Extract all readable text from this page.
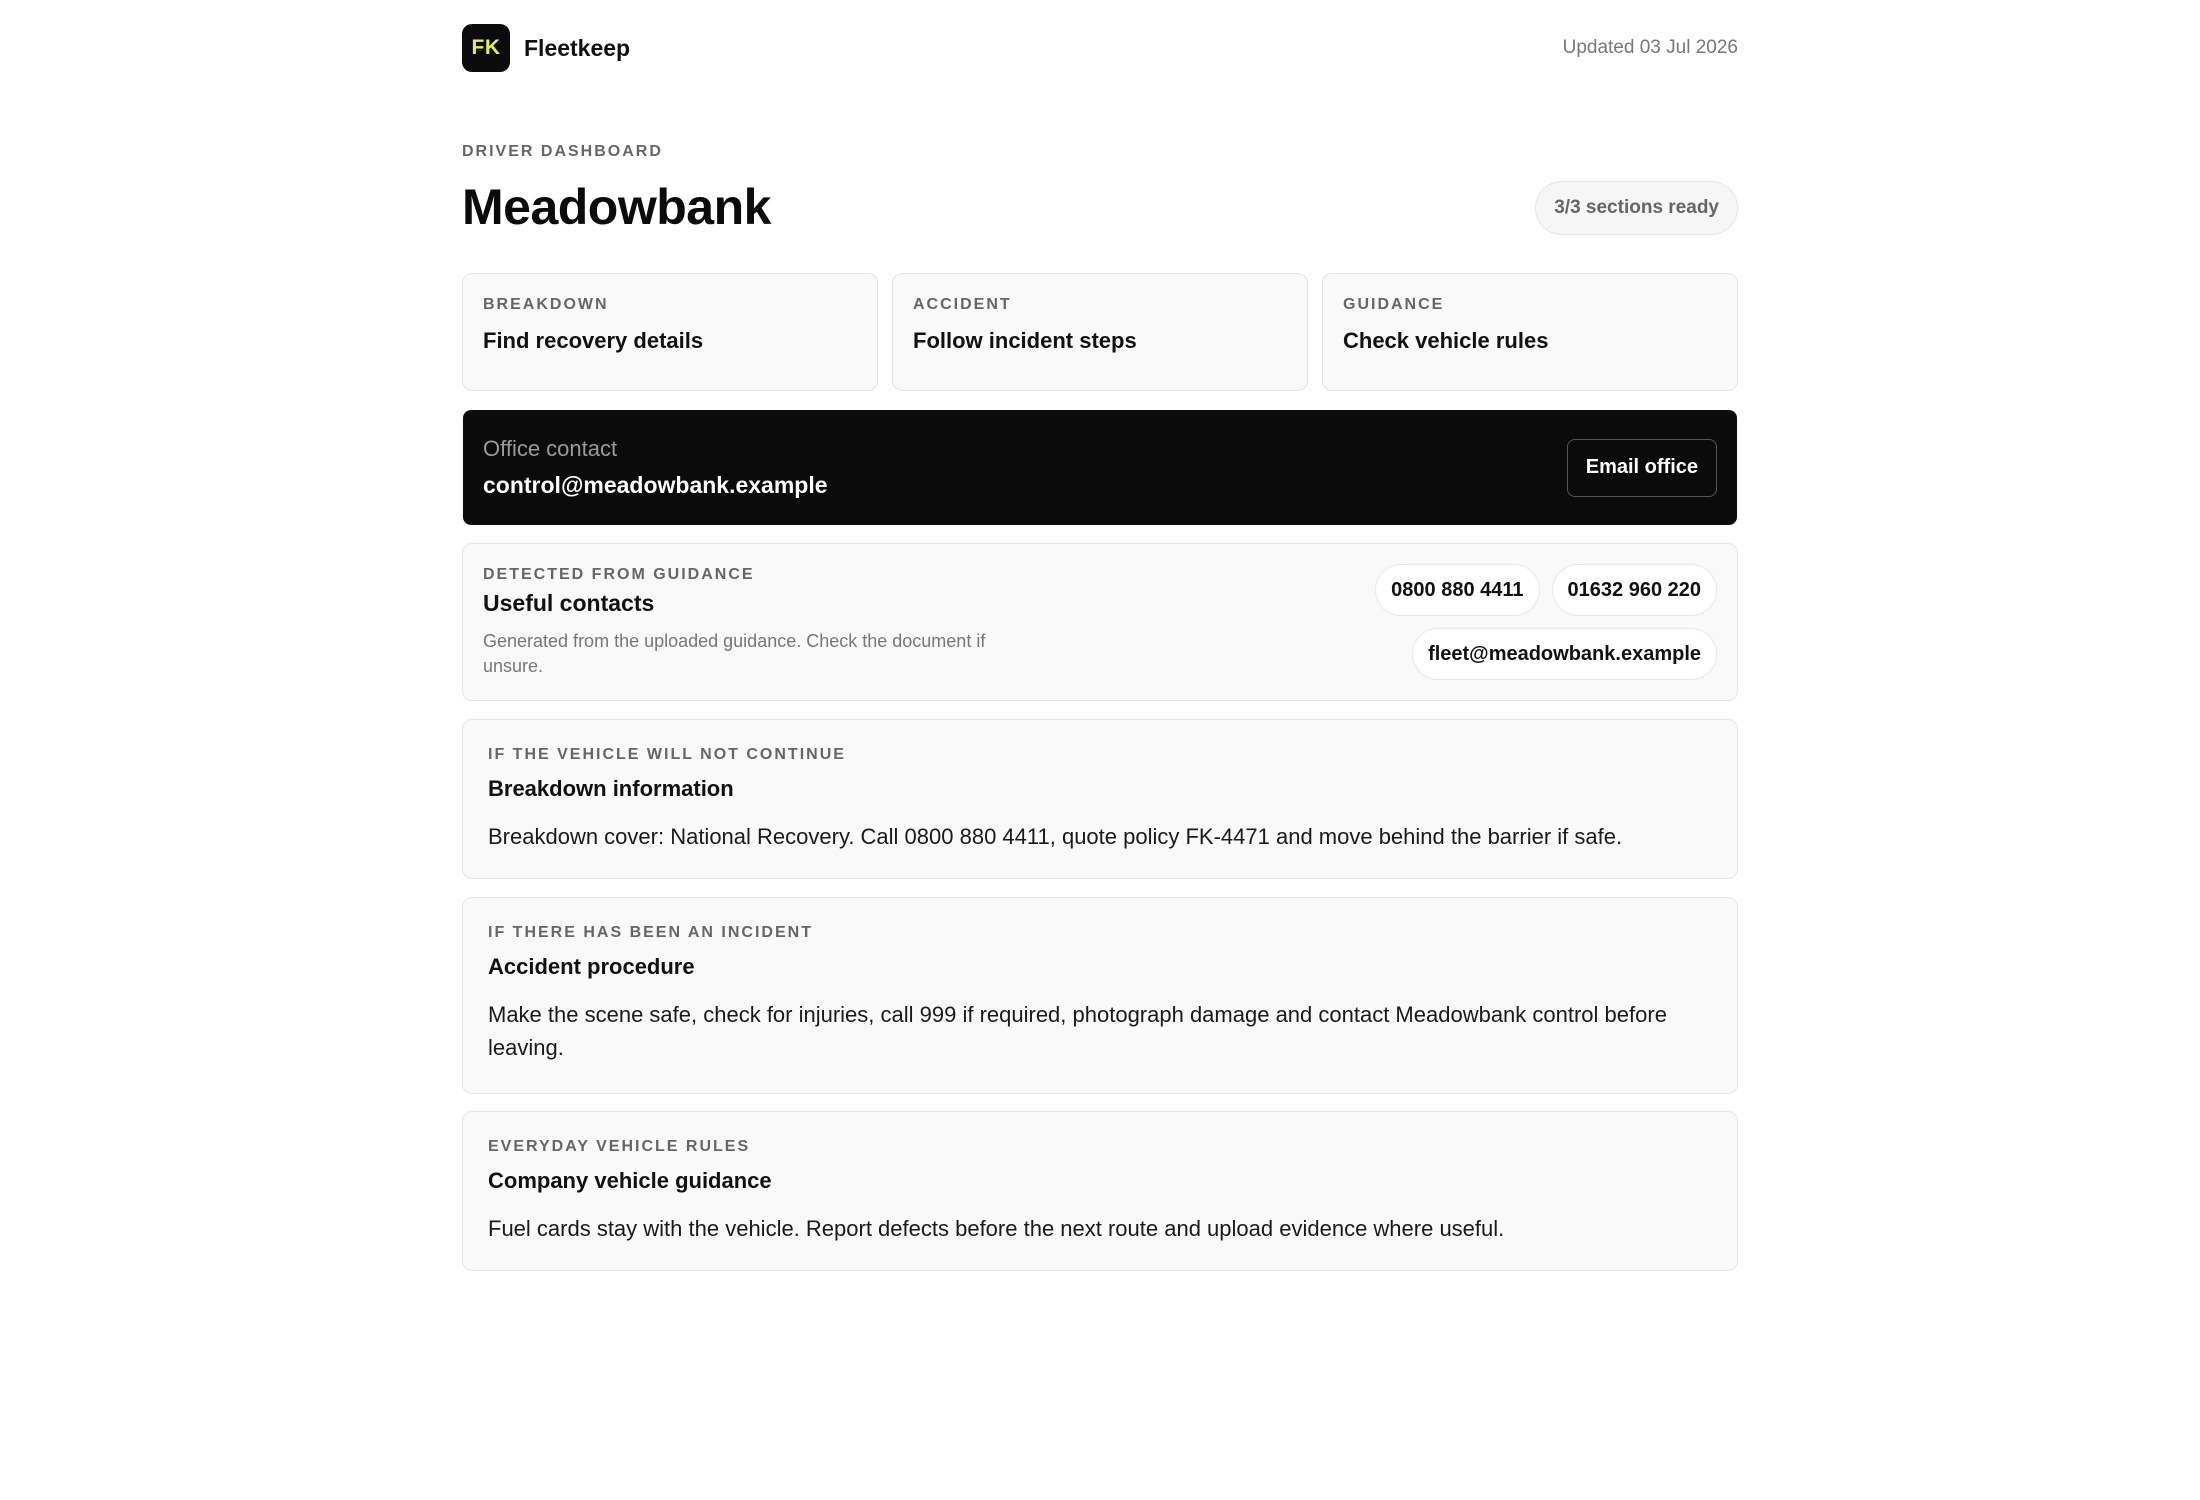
FK	Fleetkeep	Updated 03 Jul 2026
DRIVER DASHBOARD
Meadowbank	3/3 sections ready
BREAKDOWN
Find recovery details
ACCIDENT
Follow incident steps
GUIDANCE
Check vehicle rules
Office contact
control@meadowbank.example
Email office
DETECTED FROM GUIDANCE
Useful contacts
Generated from the uploaded guidance. Check the document if unsure.
0800 880 4411	01632 960 220
fleet@meadowbank.example
IF THE VEHICLE WILL NOT CONTINUE
Breakdown information
Breakdown cover: National Recovery. Call 0800 880 4411, quote policy FK-4471 and move behind the barrier if safe.
IF THERE HAS BEEN AN INCIDENT
Accident procedure
Make the scene safe, check for injuries, call 999 if required, photograph damage and contact Meadowbank control before leaving.
EVERYDAY VEHICLE RULES
Company vehicle guidance
Fuel cards stay with the vehicle. Report defects before the next route and upload evidence where useful.
